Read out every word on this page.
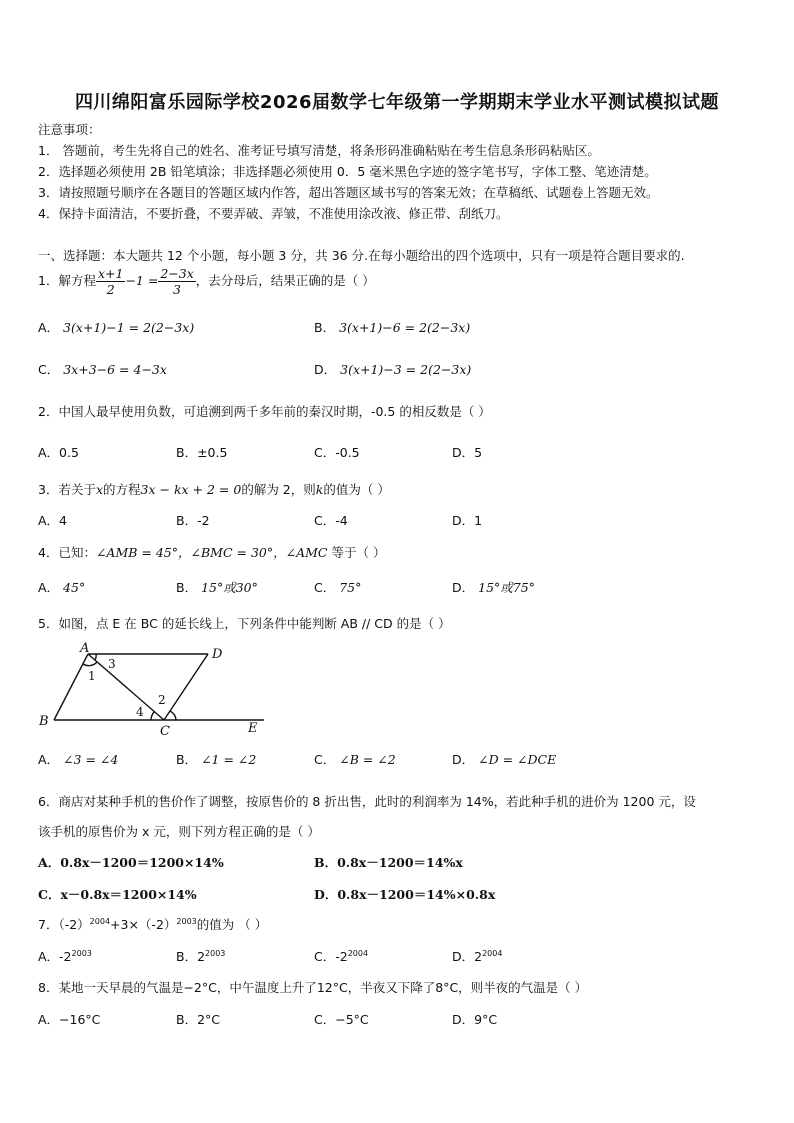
四川绵阳富乐园际学校2026届数学七年级第一学期期末学业水平测试模拟试题
注意事项：
1． 答题前，考生先将自己的姓名、准考证号填写清楚，将条形码准确粘贴在考生信息条形码粘贴区。
2．选择题必须使用 2B 铅笔填涂；非选择题必须使用 0．5 毫米黑色字迹的签字笔书写，字体工整、笔迹清楚。
3．请按照题号顺序在各题目的答题区域内作答，超出答题区域书写的答案无效；在草稿纸、试题卷上答题无效。
4．保持卡面清洁，不要折叠，不要弄破、弄皱，不准使用涂改液、修正带、刮纸刀。
一、选择题：本大题共 12 个小题，每小题 3 分，共 36 分.在每小题给出的四个选项中，只有一项是符合题目要求的.
1．解方程 $\frac{x+1}{2} -1 = \frac{2-3x}{3}$ ，去分母后，结果正确的是（ ）
A． 3(x+1)−1 = 2(2−3x)	B． 3(x+1)−6 = 2(2−3x)
C． 3x+3−6 = 4−3x	D． 3(x+1)−3 = 2(2−3x)
2．中国人最早使用负数，可追溯到两千多年前的秦汉时期，-0.5 的相反数是（ ）
A．0.5	B．±0.5	C．-0.5	D．5
3．若关于x的方程3x − kx + 2 = 0的解为 2，则k的值为（ ）
A．4	B．-2	C．-4	D．1
4．已知：∠AMB = 45°，∠BMC = 30°，∠AMC 等于（ ）
A． 45°	B． 15°或30°	C． 75°	D． 15°或75°
5．如图，点 E 在 BC 的延长线上，下列条件中能判断 AB // CD 的是（ ）
A
B
C
D
E
1
2
3
4
A． ∠3 = ∠4	B． ∠1 = ∠2	C． ∠B = ∠2	D． ∠D = ∠DCE
6．商店对某种手机的售价作了调整，按原售价的 8 折出售，此时的利润率为 14%，若此种手机的进价为 1200 元，设
该手机的原售价为 x 元，则下列方程正确的是（ ）
A．0.8x－1200＝1200×14%	B．0.8x－1200＝14%x
C．x－0.8x＝1200×14%	D．0.8x－1200＝14%×0.8x
7．$(-2)^{2004}+3\times(-2)^{2003}$的值为 （ ）
A．$-2^{2003}$	B．$2^{2003}$	C．$-2^{2004}$	D．$2^{2004}$
8．某地一天早晨的气温是−2°C，中午温度上升了12°C，半夜又下降了8°C，则半夜的气温是（ ）
A．−16°C	B．2°C	C．−5°C	D．9°C
